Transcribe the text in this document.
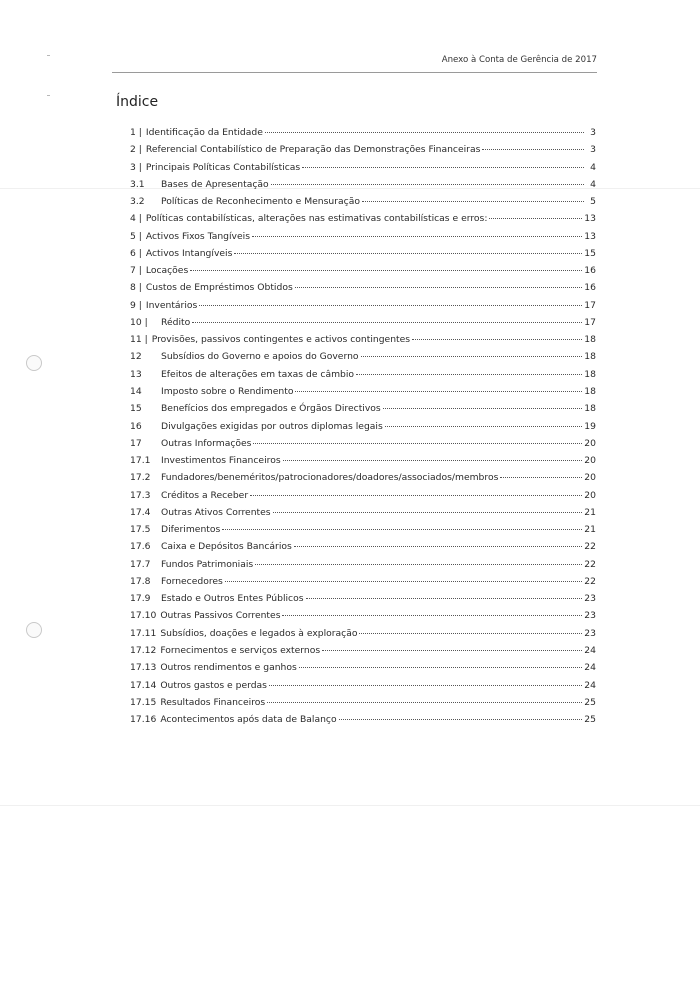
Anexo à Conta de Gerência de 2017
Índice
1 | Identificação da Entidade	3
2 | Referencial Contabilístico de Preparação das Demonstrações Financeiras	3
3 | Principais Políticas Contabilísticas	4
3.1	Bases de Apresentação	4
3.2	Políticas de Reconhecimento e Mensuração	5
4 | Políticas contabilísticas, alterações nas estimativas contabilísticas e erros:	13
5 | Activos Fixos Tangíveis	13
6 | Activos Intangíveis	15
7 | Locações	16
8 | Custos de Empréstimos Obtidos	16
9 | Inventários	17
10 |	Rédito	17
11 | Provisões, passivos contingentes e activos contingentes	18
12	Subsídios do Governo e apoios do Governo	18
13	Efeitos de alterações em taxas de câmbio	18
14	Imposto sobre o Rendimento	18
15	Benefícios dos empregados e Órgãos Directivos	18
16	Divulgações exigidas por outros diplomas legais	19
17	Outras Informações	20
17.1	Investimentos Financeiros	20
17.2	Fundadores/beneméritos/patrocionadores/doadores/associados/membros	20
17.3	Créditos a Receber	20
17.4	Outras Ativos Correntes	21
17.5	Diferimentos	21
17.6	Caixa e Depósitos Bancários	22
17.7	Fundos Patrimoniais	22
17.8	Fornecedores	22
17.9	Estado e Outros Entes Públicos	23
17.10 Outras Passivos Correntes	23
17.11 Subsídios, doações e legados à exploração	23
17.12 Fornecimentos e serviços externos	24
17.13 Outros rendimentos e ganhos	24
17.14 Outros gastos e perdas	24
17.15 Resultados Financeiros	25
17.16 Acontecimentos após data de Balanço	25
